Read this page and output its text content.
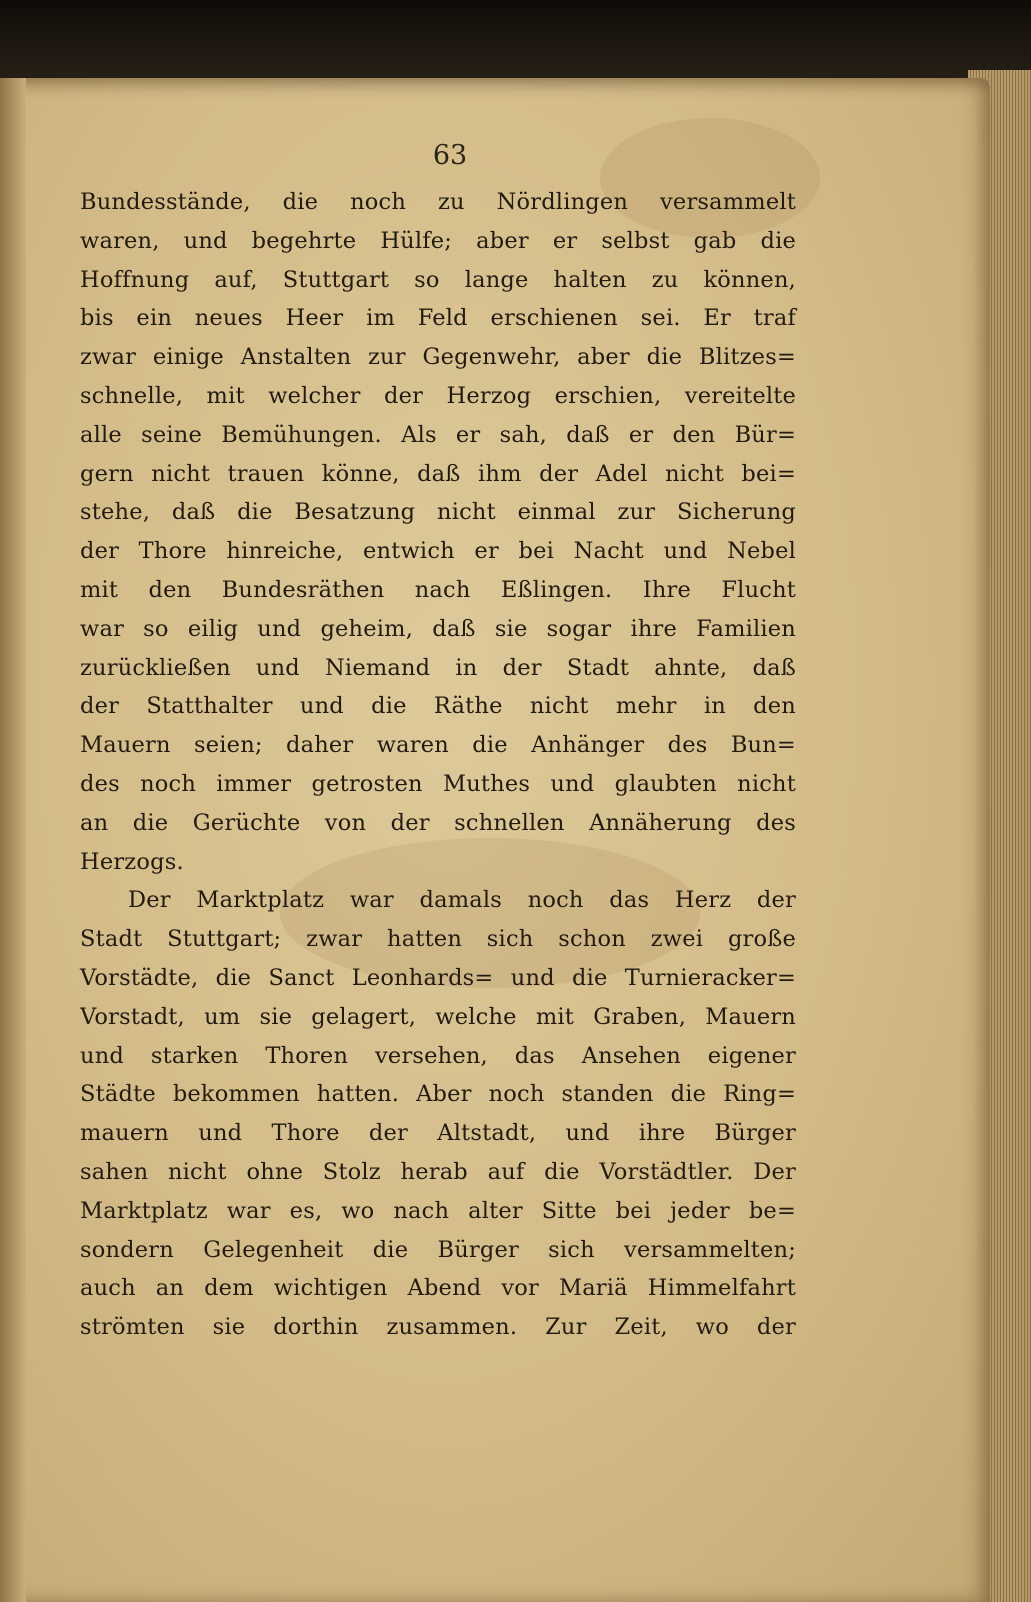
63
Bundesstände, die noch zu Nördlingen versammelt
waren, und begehrte Hülfe; aber er selbst gab die
Hoffnung auf, Stuttgart so lange halten zu können,
bis ein neues Heer im Feld erschienen sei. Er traf
zwar einige Anstalten zur Gegenwehr, aber die Blitzes=
schnelle, mit welcher der Herzog erschien, vereitelte
alle seine Bemühungen. Als er sah, daß er den Bür=
gern nicht trauen könne, daß ihm der Adel nicht bei=
stehe, daß die Besatzung nicht einmal zur Sicherung
der Thore hinreiche, entwich er bei Nacht und Nebel
mit den Bundesräthen nach Eßlingen. Ihre Flucht
war so eilig und geheim, daß sie sogar ihre Familien
zurückließen und Niemand in der Stadt ahnte, daß
der Statthalter und die Räthe nicht mehr in den
Mauern seien; daher waren die Anhänger des Bun=
des noch immer getrosten Muthes und glaubten nicht
an die Gerüchte von der schnellen Annäherung des
Herzogs.
Der Marktplatz war damals noch das Herz der
Stadt Stuttgart; zwar hatten sich schon zwei große
Vorstädte, die Sanct Leonhards= und die Turnieracker=
Vorstadt, um sie gelagert, welche mit Graben, Mauern
und starken Thoren versehen, das Ansehen eigener
Städte bekommen hatten. Aber noch standen die Ring=
mauern und Thore der Altstadt, und ihre Bürger
sahen nicht ohne Stolz herab auf die Vorstädtler. Der
Marktplatz war es, wo nach alter Sitte bei jeder be=
sondern Gelegenheit die Bürger sich versammelten;
auch an dem wichtigen Abend vor Mariä Himmelfahrt
strömten sie dorthin zusammen. Zur Zeit, wo der
